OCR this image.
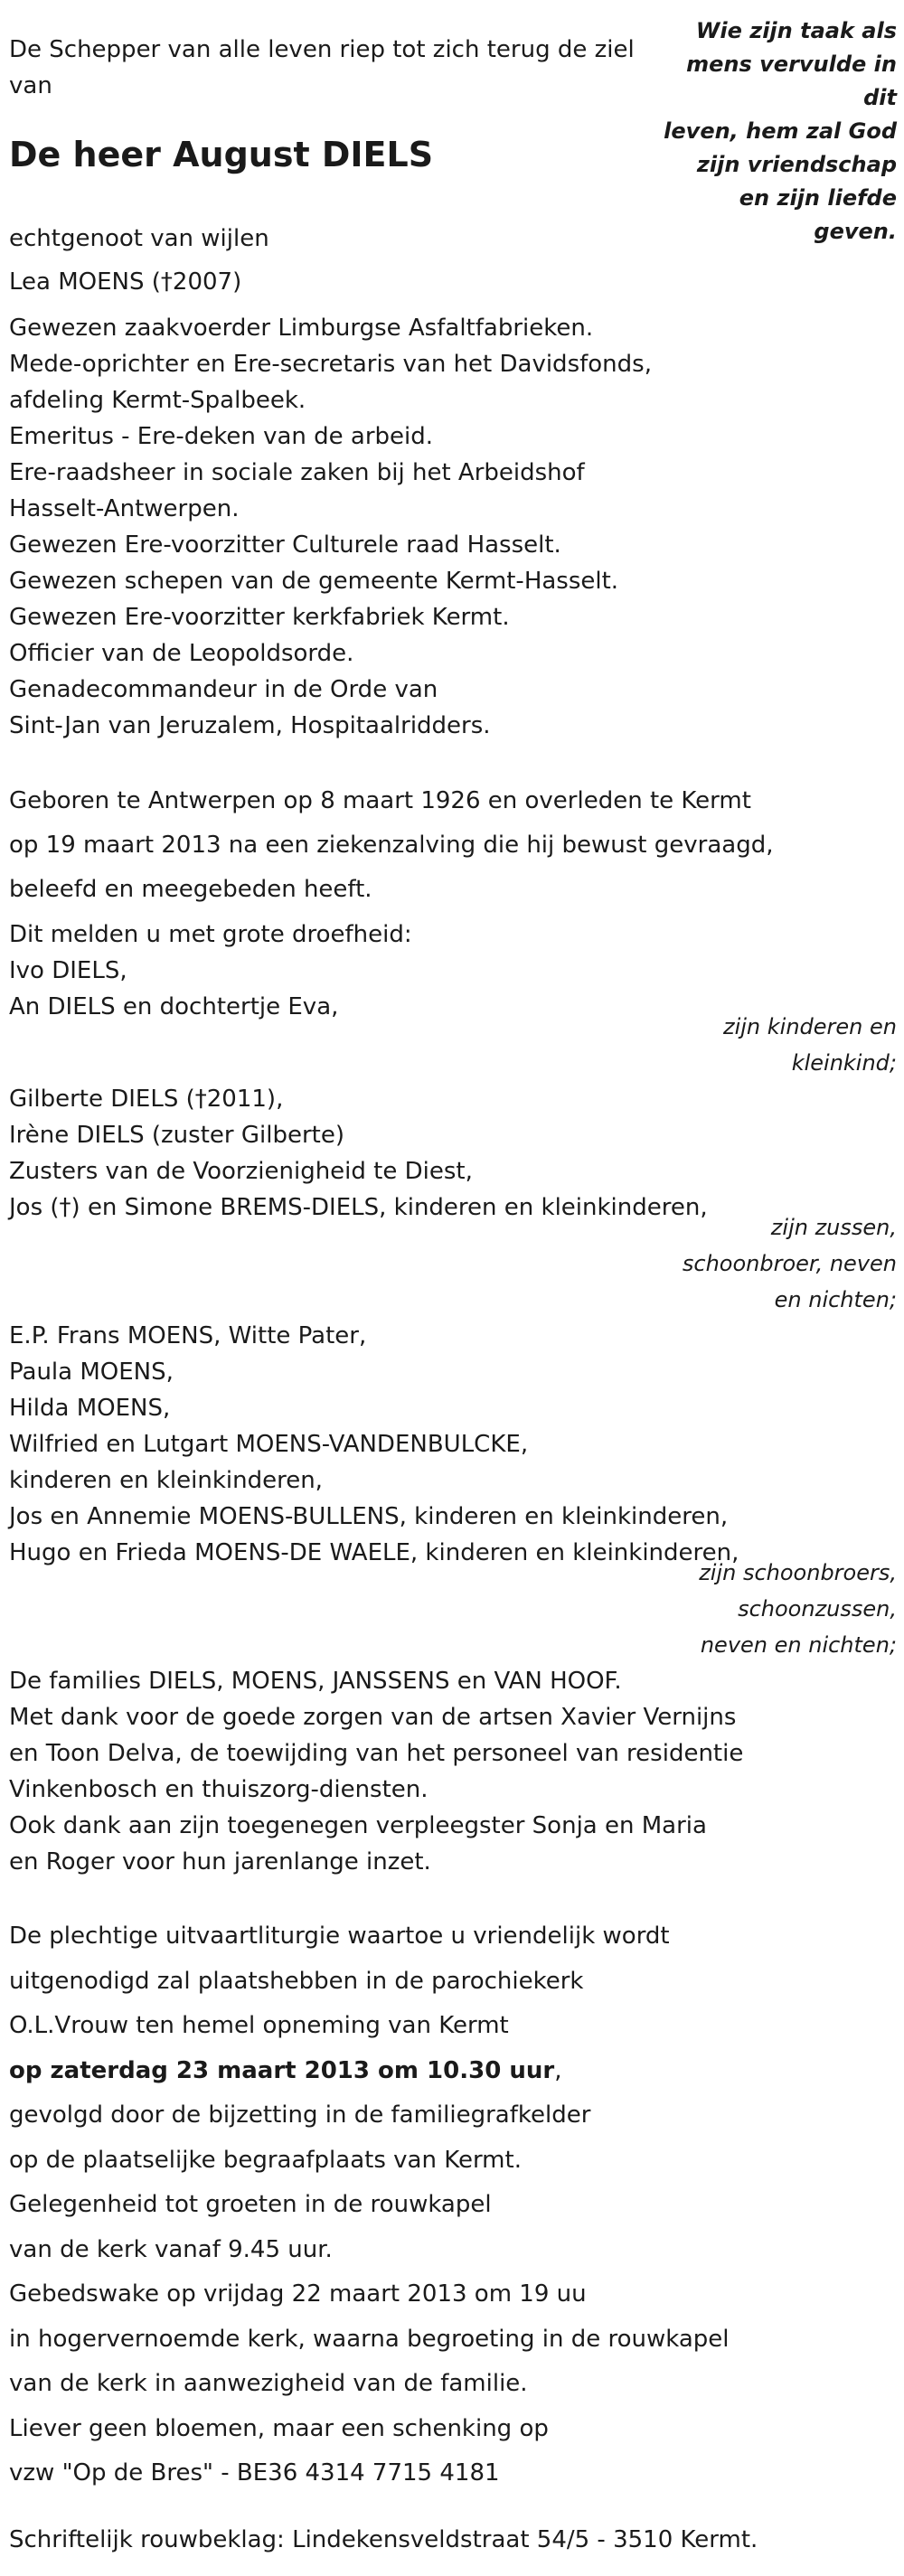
De Schepper van alle leven riep tot zich terug de ziel
van
Wie zijn taak als
mens vervulde in
dit
leven, hem zal God
zijn vriendschap
en zijn liefde
geven.
De heer August DIELS
echtgenoot van wijlen
Lea MOENS (†2007)
Gewezen zaakvoerder Limburgse Asfaltfabrieken.
Mede-oprichter en Ere-secretaris van het Davidsfonds,
afdeling Kermt-Spalbeek.
Emeritus - Ere-deken van de arbeid.
Ere-raadsheer in sociale zaken bij het Arbeidshof
Hasselt-Antwerpen.
Gewezen Ere-voorzitter Culturele raad Hasselt.
Gewezen schepen van de gemeente Kermt-Hasselt.
Gewezen Ere-voorzitter kerkfabriek Kermt.
Officier van de Leopoldsorde.
Genadecommandeur in de Orde van
Sint-Jan van Jeruzalem, Hospitaalridders.
Geboren te Antwerpen op 8 maart 1926 en overleden te Kermt
op 19 maart 2013 na een ziekenzalving die hij bewust gevraagd,
beleefd en meegebeden heeft.
Dit melden u met grote droefheid:
Ivo DIELS,
An DIELS en dochtertje Eva,
zijn kinderen en
kleinkind;
Gilberte DIELS (†2011),
Irène DIELS (zuster Gilberte)
Zusters van de Voorzienigheid te Diest,
Jos (†) en Simone BREMS-DIELS, kinderen en kleinkinderen,
zijn zussen,
schoonbroer, neven
en nichten;
E.P. Frans MOENS, Witte Pater,
Paula MOENS,
Hilda MOENS,
Wilfried en Lutgart MOENS-VANDENBULCKE,
kinderen en kleinkinderen,
Jos en Annemie MOENS-BULLENS, kinderen en kleinkinderen,
Hugo en Frieda MOENS-DE WAELE, kinderen en kleinkinderen,
zijn schoonbroers,
schoonzussen,
neven en nichten;
De families DIELS, MOENS, JANSSENS en VAN HOOF.
Met dank voor de goede zorgen van de artsen Xavier Vernijns
en Toon Delva, de toewijding van het personeel van residentie
Vinkenbosch en thuiszorg-diensten.
Ook dank aan zijn toegenegen verpleegster Sonja en Maria
en Roger voor hun jarenlange inzet.
De plechtige uitvaartliturgie waartoe u vriendelijk wordt
uitgenodigd zal plaatshebben in de parochiekerk
O.L.Vrouw ten hemel opneming van Kermt
op zaterdag 23 maart 2013 om 10.30 uur,
gevolgd door de bijzetting in de familiegrafkelder
op de plaatselijke begraafplaats van Kermt.
Gelegenheid tot groeten in de rouwkapel
van de kerk vanaf 9.45 uur.
Gebedswake op vrijdag 22 maart 2013 om 19 uu
in hogervernoemde kerk, waarna begroeting in de rouwkapel
van de kerk in aanwezigheid van de familie.
Liever geen bloemen, maar een schenking op
vzw "Op de Bres" - BE36 4314 7715 4181
Schriftelijk rouwbeklag: Lindekensveldstraat 54/5 - 3510 Kermt.
